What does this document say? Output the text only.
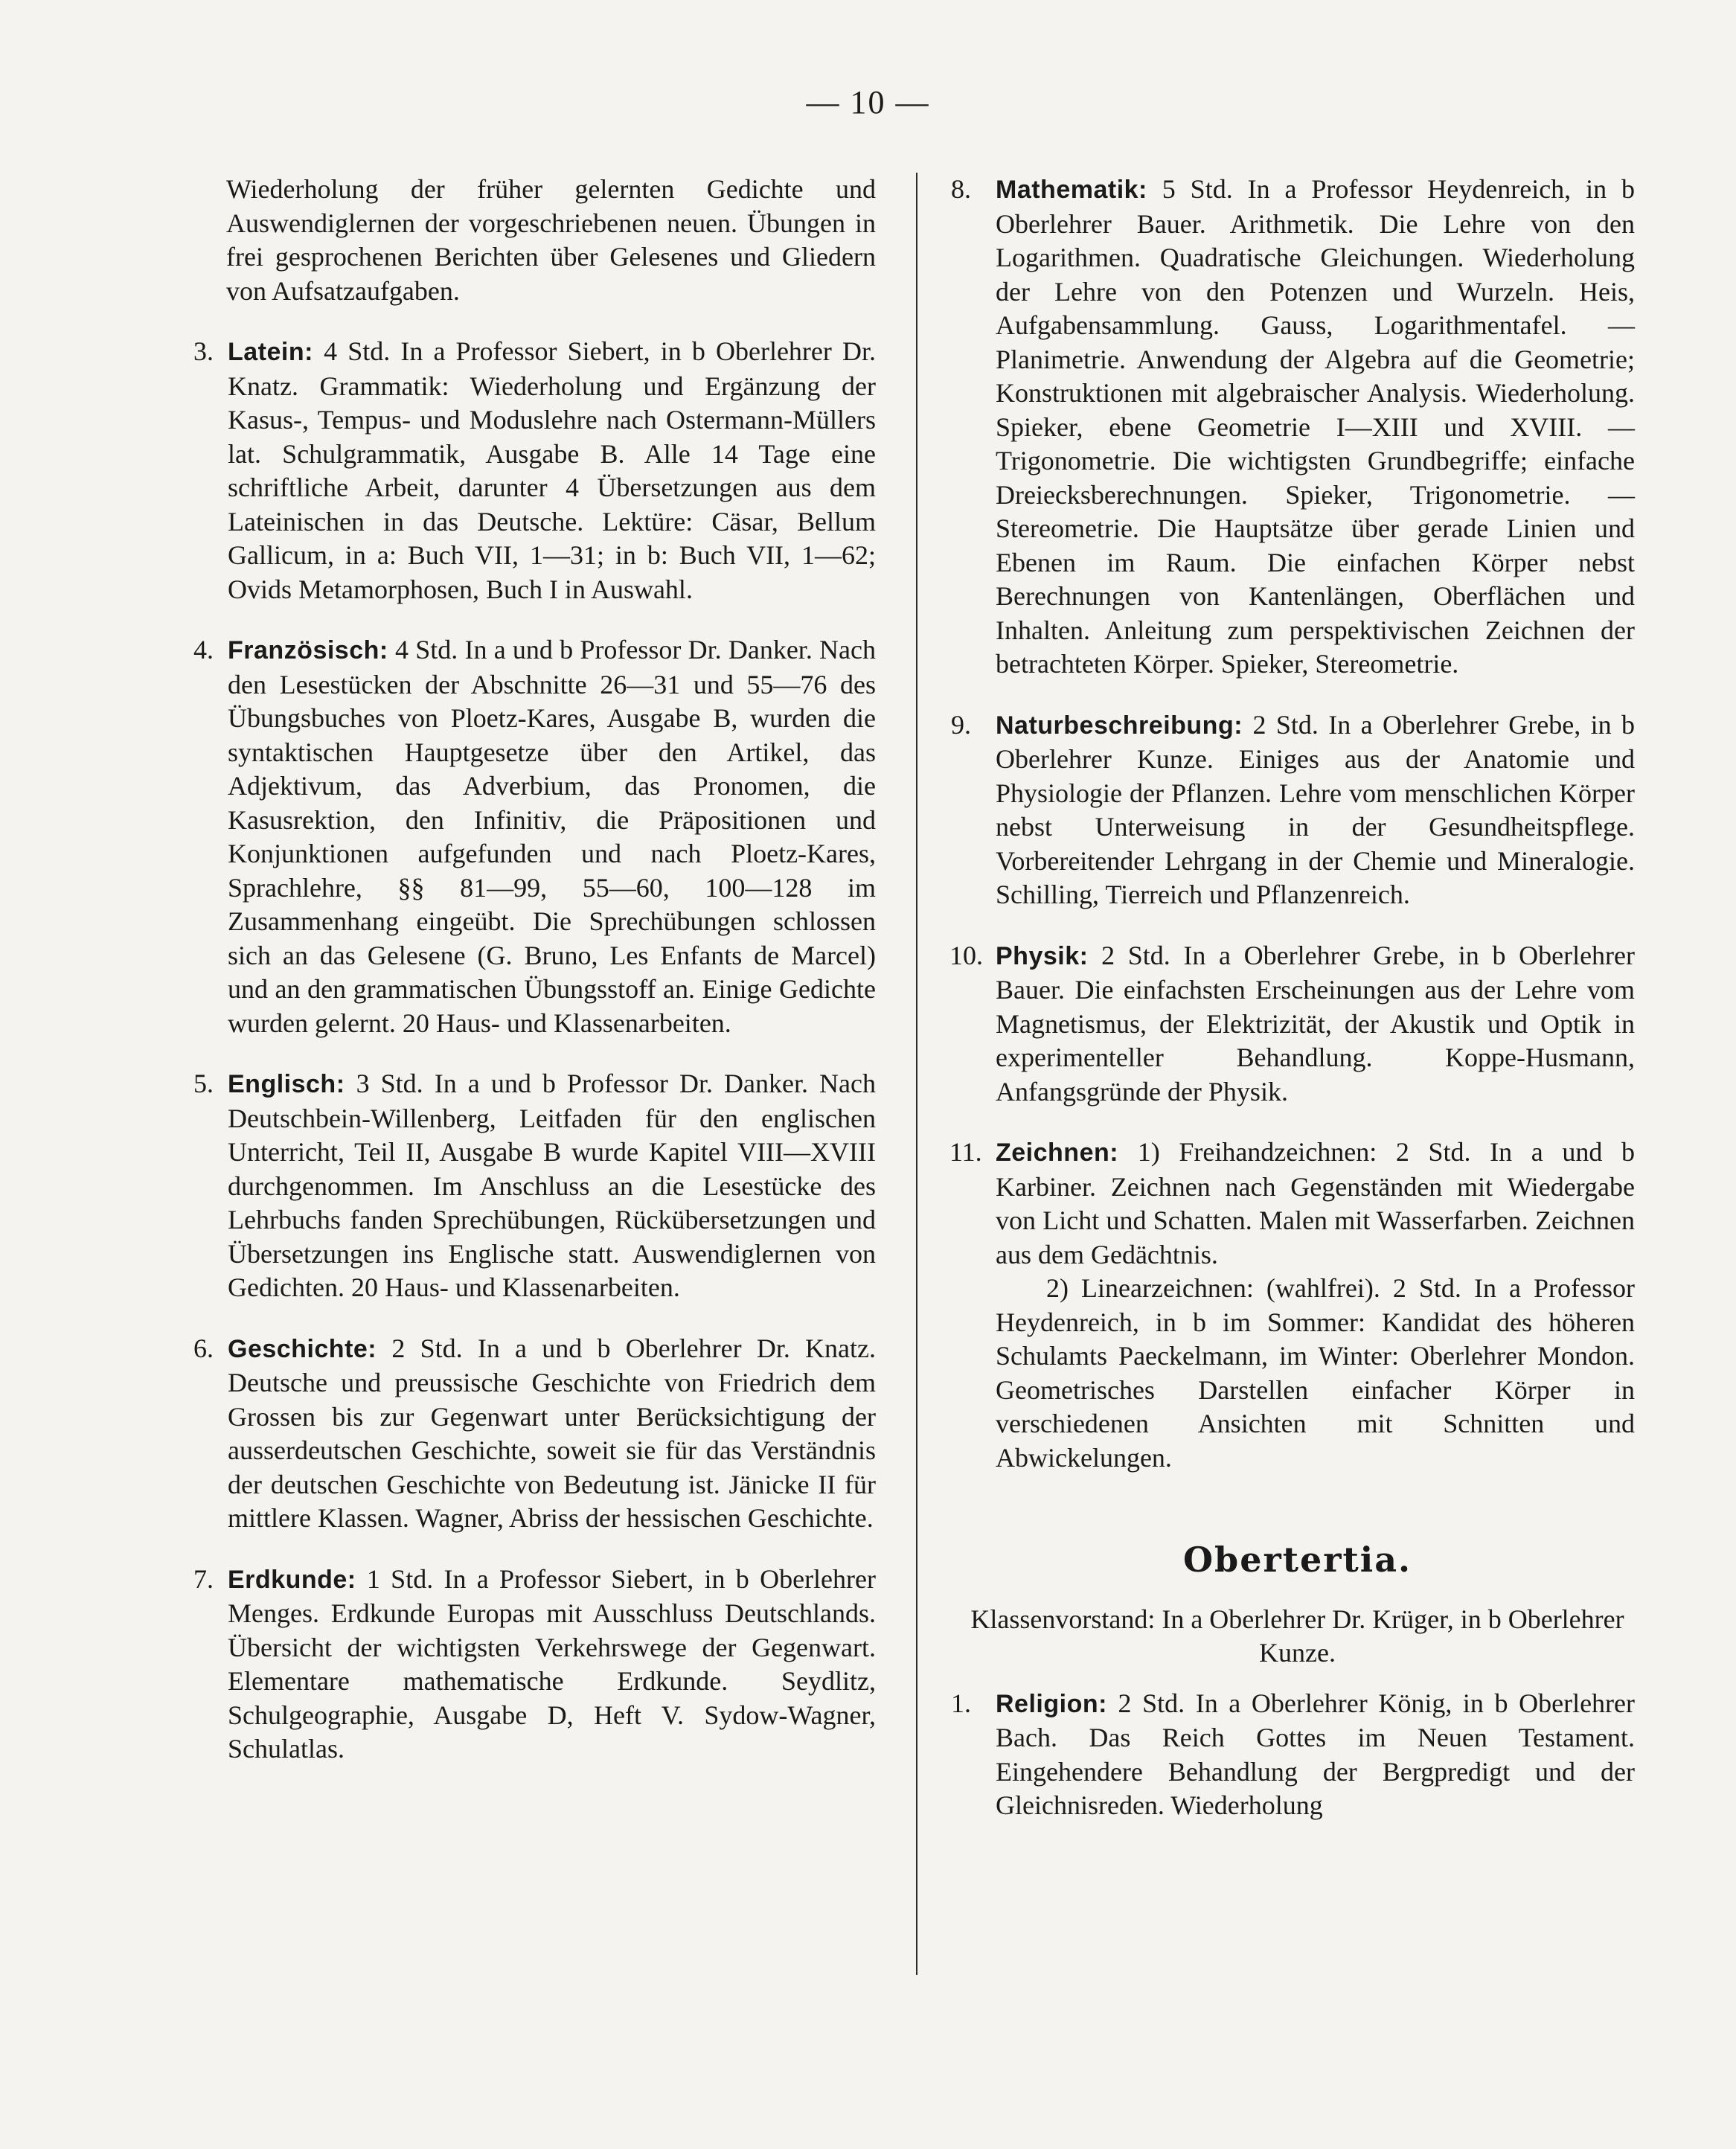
— 10 —

Wiederholung der früher gelernten Gedichte und Auswendiglernen der vorgeschriebenen neuen. Übungen in frei gesprochenen Berichten über Gelesenes und Gliedern von Aufsatzaufgaben.

3. Latein: 4 Std. In a Professor Siebert, in b Oberlehrer Dr. Knatz. Grammatik: Wiederholung und Ergänzung der Kasus-, Tempus- und Moduslehre nach Ostermann-Müllers lat. Schulgrammatik, Ausgabe B. Alle 14 Tage eine schriftliche Arbeit, darunter 4 Übersetzungen aus dem Lateinischen in das Deutsche. Lektüre: Cäsar, Bellum Gallicum, in a: Buch VII, 1—31; in b: Buch VII, 1—62; Ovids Metamorphosen, Buch I in Auswahl.
4. Französisch: 4 Std. In a und b Professor Dr. Danker. Nach den Lesestücken der Abschnitte 26—31 und 55—76 des Übungsbuches von Ploetz-Kares, Ausgabe B, wurden die syntaktischen Hauptgesetze über den Artikel, das Adjektivum, das Adverbium, das Pronomen, die Kasusrektion, den Infinitiv, die Präpositionen und Konjunktionen aufgefunden und nach Ploetz-Kares, Sprachlehre, §§ 81—99, 55—60, 100—128 im Zusammenhang eingeübt. Die Sprechübungen schlossen sich an das Gelesene (G. Bruno, Les Enfants de Marcel) und an den grammatischen Übungsstoff an. Einige Gedichte wurden gelernt. 20 Haus- und Klassenarbeiten.
5. Englisch: 3 Std. In a und b Professor Dr. Danker. Nach Deutschbein-Willenberg, Leitfaden für den englischen Unterricht, Teil II, Ausgabe B wurde Kapitel VIII—XVIII durchgenommen. Im Anschluss an die Lesestücke des Lehrbuchs fanden Sprechübungen, Rückübersetzungen und Übersetzungen ins Englische statt. Auswendiglernen von Gedichten. 20 Haus- und Klassenarbeiten.
6. Geschichte: 2 Std. In a und b Oberlehrer Dr. Knatz. Deutsche und preussische Geschichte von Friedrich dem Grossen bis zur Gegenwart unter Berücksichtigung der ausserdeutschen Geschichte, soweit sie für das Verständnis der deutschen Geschichte von Bedeutung ist. Jänicke II für mittlere Klassen. Wagner, Abriss der hessischen Geschichte.
7. Erdkunde: 1 Std. In a Professor Siebert, in b Oberlehrer Menges. Erdkunde Europas mit Ausschluss Deutschlands. Übersicht der wichtigsten Verkehrswege der Gegenwart. Elementare mathematische Erdkunde. Seydlitz, Schulgeographie, Ausgabe D, Heft V. Sydow-Wagner, Schulatlas.
8. Mathematik: 5 Std. In a Professor Heydenreich, in b Oberlehrer Bauer. Arithmetik. Die Lehre von den Logarithmen. Quadratische Gleichungen. Wiederholung der Lehre von den Potenzen und Wurzeln. Heis, Aufgabensammlung. Gauss, Logarithmentafel. — Planimetrie. Anwendung der Algebra auf die Geometrie; Konstruktionen mit algebraischer Analysis. Wiederholung. Spieker, ebene Geometrie I—XIII und XVIII. — Trigonometrie. Die wichtigsten Grundbegriffe; einfache Dreiecksberechnungen. Spieker, Trigonometrie. — Stereometrie. Die Hauptsätze über gerade Linien und Ebenen im Raum. Die einfachen Körper nebst Berechnungen von Kantenlängen, Oberflächen und Inhalten. Anleitung zum perspektivischen Zeichnen der betrachteten Körper. Spieker, Stereometrie.
9. Naturbeschreibung: 2 Std. In a Oberlehrer Grebe, in b Oberlehrer Kunze. Einiges aus der Anatomie und Physiologie der Pflanzen. Lehre vom menschlichen Körper nebst Unterweisung in der Gesundheitspflege. Vorbereitender Lehrgang in der Chemie und Mineralogie. Schilling, Tierreich und Pflanzenreich.
10. Physik: 2 Std. In a Oberlehrer Grebe, in b Oberlehrer Bauer. Die einfachsten Erscheinungen aus der Lehre vom Magnetismus, der Elektrizität, der Akustik und Optik in experimenteller Behandlung. Koppe-Husmann, Anfangsgründe der Physik.
11. Zeichnen: 1) Freihandzeichnen: 2 Std. In a und b Karbiner. Zeichnen nach Gegenständen mit Wiedergabe von Licht und Schatten. Malen mit Wasserfarben. Zeichnen aus dem Gedächtnis.
2) Linearzeichnen: (wahlfrei). 2 Std. In a Professor Heydenreich, in b im Sommer: Kandidat des höheren Schulamts Paeckelmann, im Winter: Oberlehrer Mondon. Geometrisches Darstellen einfacher Körper in verschiedenen Ansichten mit Schnitten und Abwickelungen.
Obertertia.
Klassenvorstand: In a Oberlehrer Dr. Krüger, in b Oberlehrer Kunze.
1. Religion: 2 Std. In a Oberlehrer König, in b Oberlehrer Bach. Das Reich Gottes im Neuen Testament. Eingehendere Behandlung der Bergpredigt und der Gleichnisreden. Wiederholung
